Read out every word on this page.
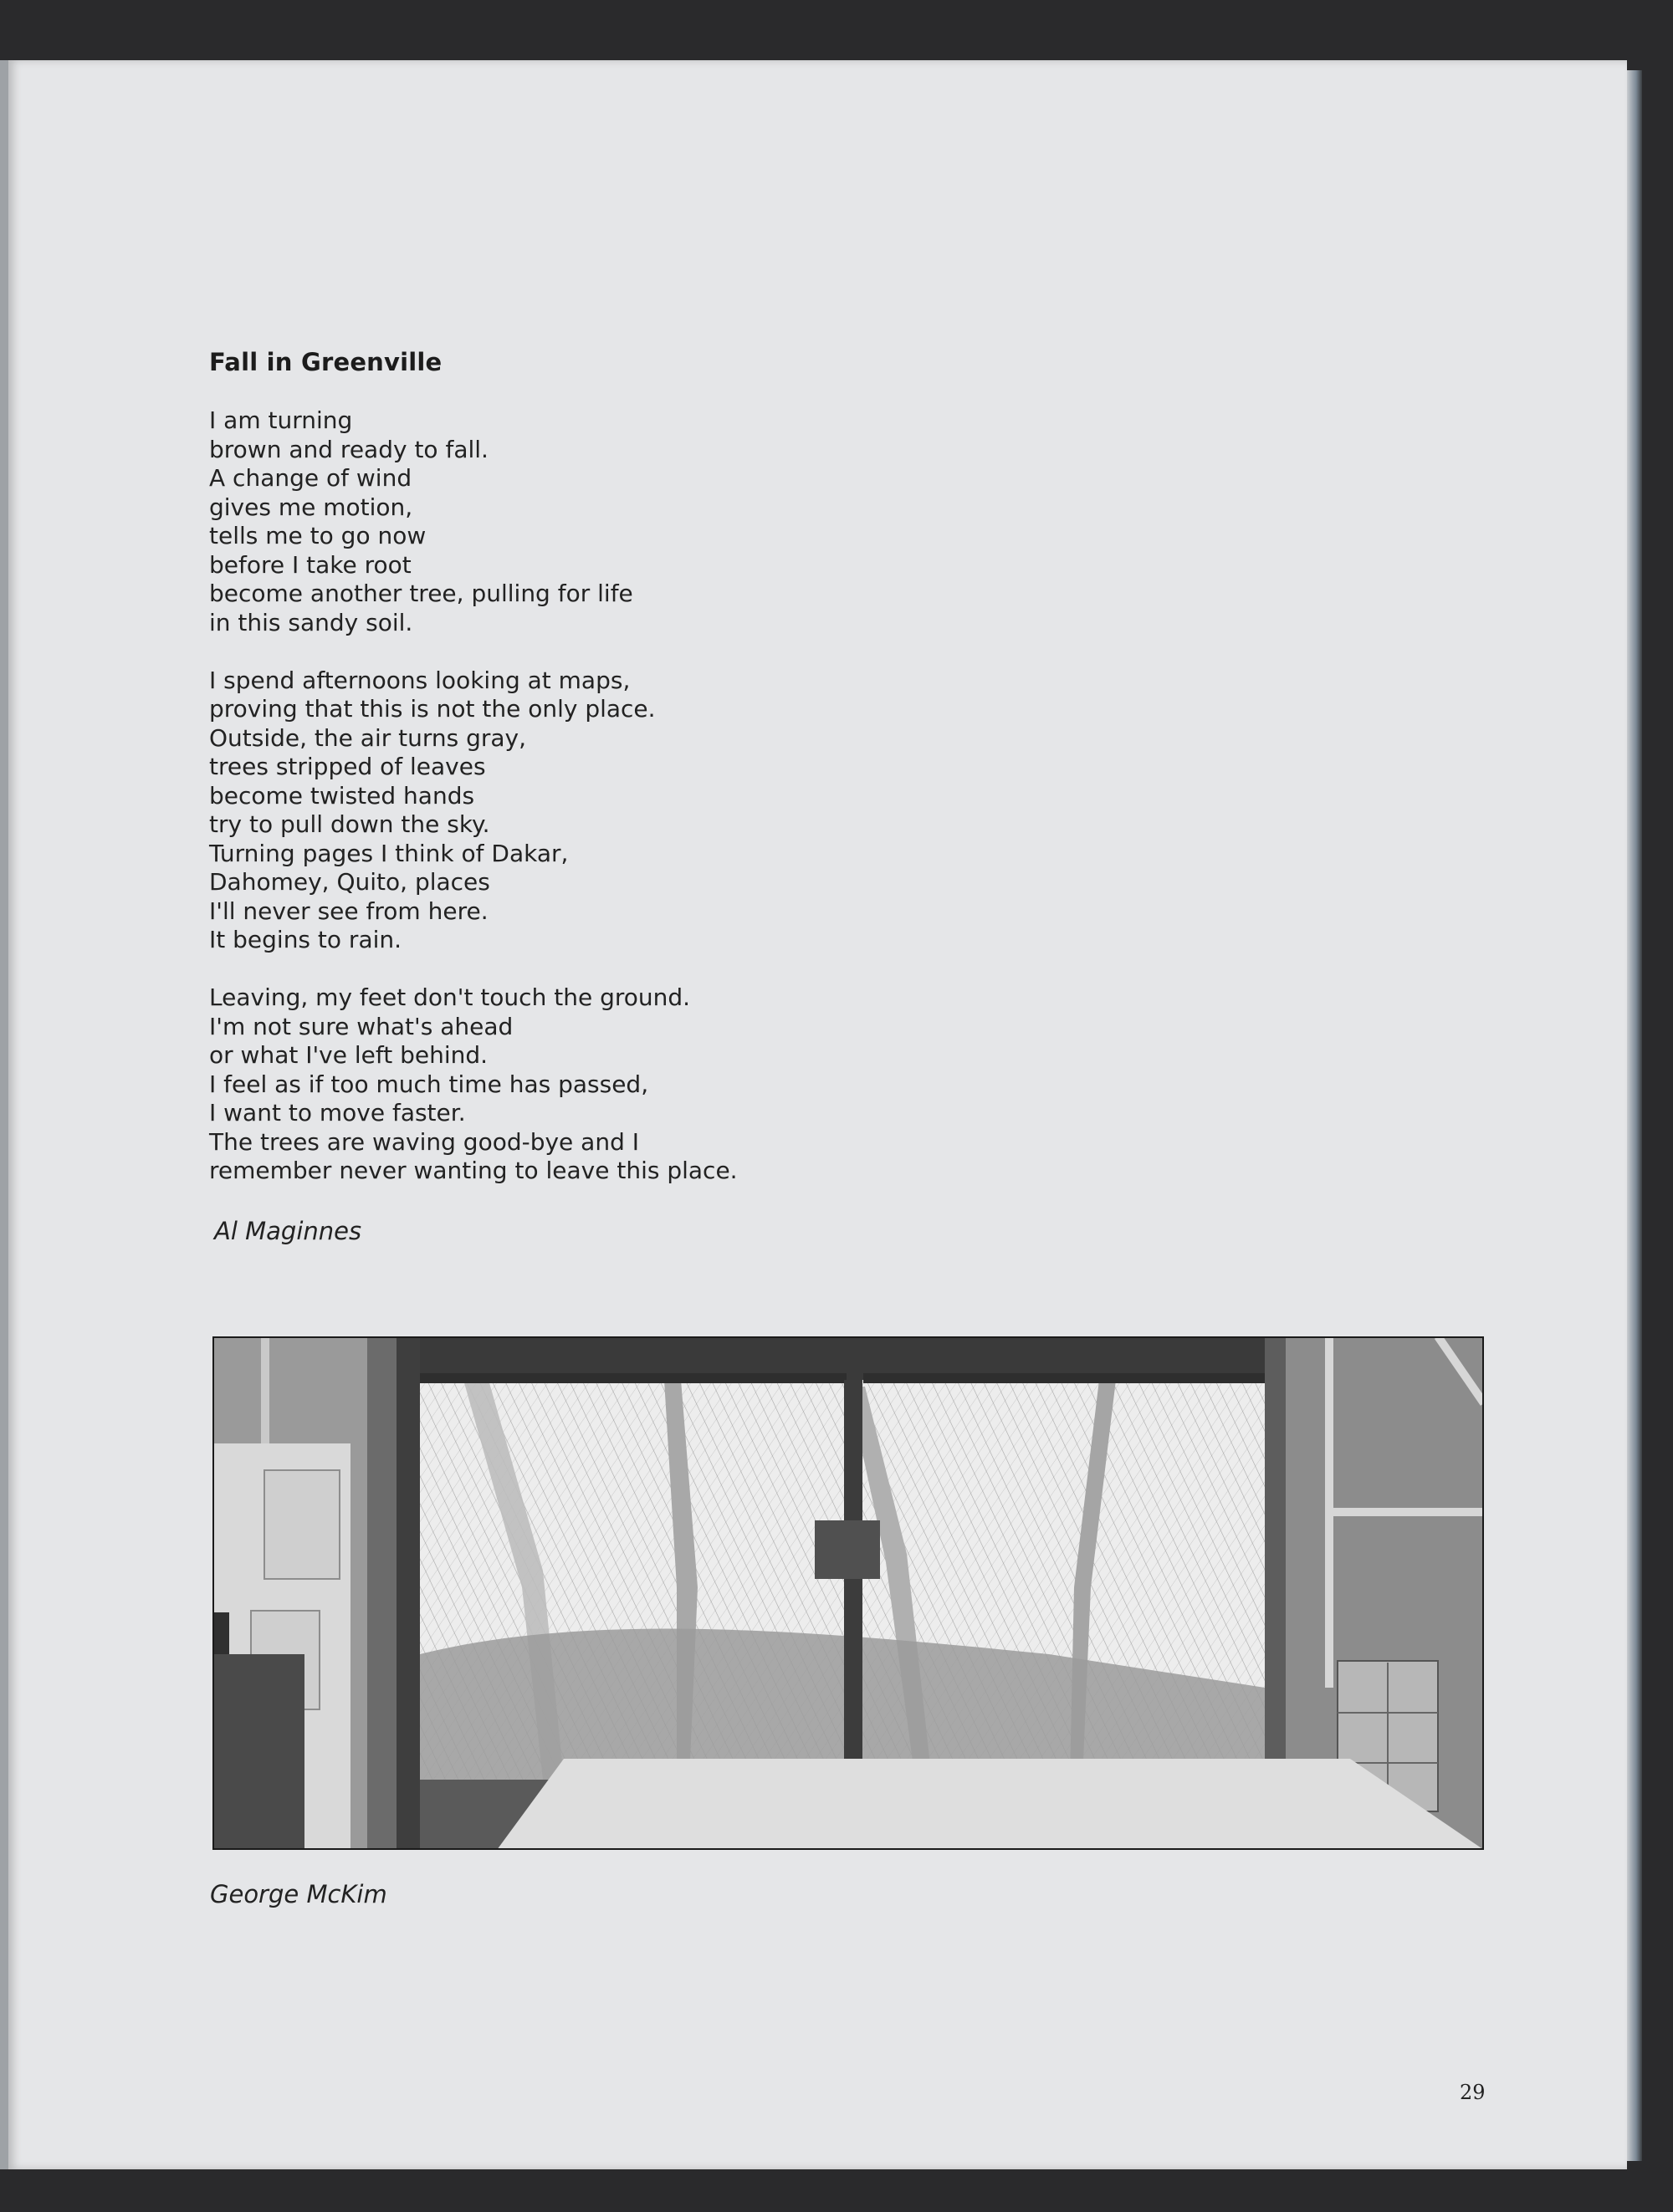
Fall in Greenville
I am turning
brown and ready to fall.
A change of wind
gives me motion,
tells me to go now
before I take root
become another tree, pulling for life
in this sandy soil.
I spend afternoons looking at maps,
proving that this is not the only place.
Outside, the air turns gray,
trees stripped of leaves
become twisted hands
try to pull down the sky.
Turning pages I think of Dakar,
Dahomey, Quito, places
I'll never see from here.
It begins to rain.
Leaving, my feet don't touch the ground.
I'm not sure what's ahead
or what I've left behind.
I feel as if too much time has passed,
I want to move faster.
The trees are waving good-bye and I
remember never wanting to leave this place.
Al Maginnes
George McKim
29
